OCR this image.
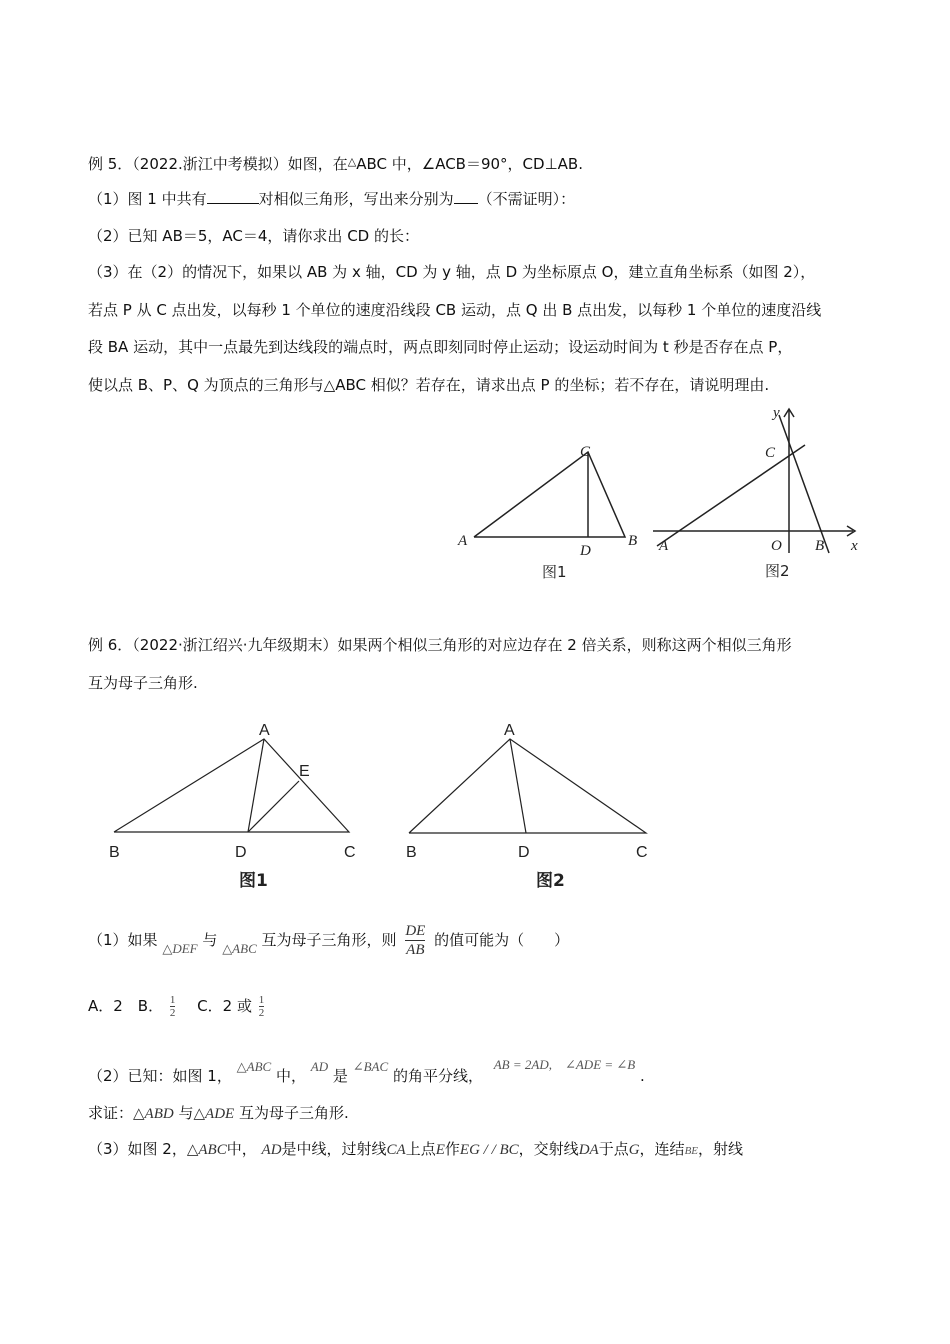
例 5．（2022.浙江中考模拟）如图，在△ABC 中，∠ACB＝90°，CD⊥AB.
（1）图 1 中共有	对相似三角形，写出来分别为 （不需证明）：
（2）已知 AB＝5，AC＝4，请你求出 CD 的长：
（3）在（2）的情况下，如果以 AB 为 x 轴，CD 为 y 轴，点 D 为坐标原点 O，建立直角坐标系（如图 2），
若点 P 从 C 点出发，以每秒 1 个单位的速度沿线段 CB 运动，点 Q 出 B 点出发，以每秒 1 个单位的速度沿线
段 BA 运动，其中一点最先到达线段的端点时，两点即刻同时停止运动；设运动时间为 t 秒是否存在点 P，
使以点 B、P、Q 为顶点的三角形与△ABC 相似？若存在，请求出点 P 的坐标；若不存在，请说明理由.
A
C
B
D
图1
A
C
O B x
y
图2
例 6．（2022·浙江绍兴·九年级期末）如果两个相似三角形的对应边存在 2 倍关系，则称这两个相似三角形
互为母子三角形.
A
E
B	D	C
图1
A
B	D	C
图2
（1）如果 △DEF 与 △ABC 互为母子三角形，则 $\frac{DE}{AB}$ 的值可能为（　　）
A．2　B． $\frac{1}{2}$ 　C．2 或 $\frac{1}{2}$
（2）已知：如图 1， △ABC 中， AD 是 ∠BAC 的角平分线， AB = 2AD,　∠ADE = ∠B .
求证：△ABD 与△ADE 互为母子三角形.
（3）如图 2，△ABC中， AD是中线，过射线CA上点E作EG / / BC，交射线DA于点G，连结BE，射线
